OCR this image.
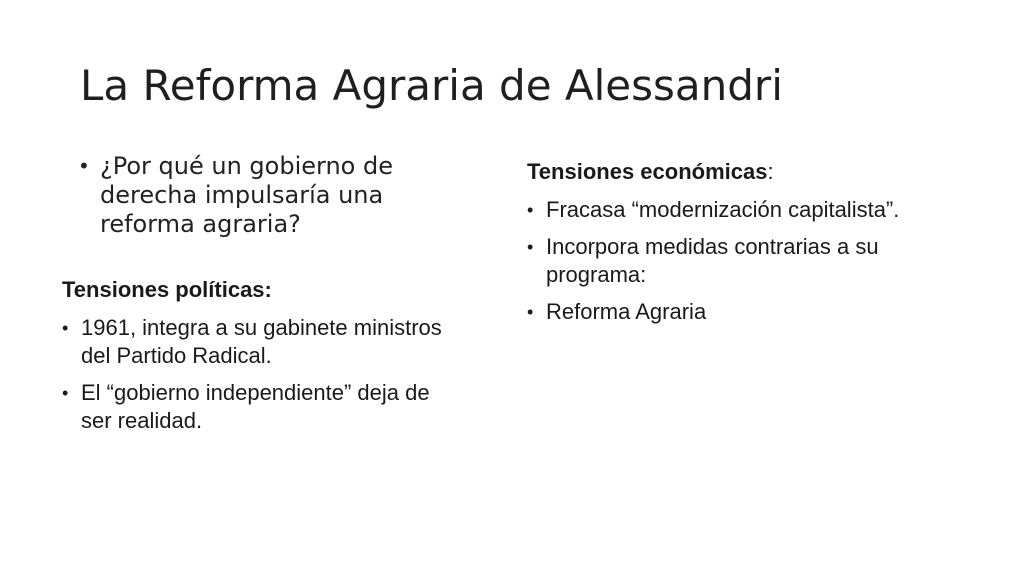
La Reforma Agraria de Alessandri
• ¿Por qué un gobierno de derecha impulsaría una reforma agraria?

Tensiones políticas:

• 1961, integra a su gabinete ministros del Partido Radical.
• El “gobierno independiente” deja de ser realidad.

Tensiones económicas:

• Fracasa “modernización capitalista”.
• Incorpora medidas contrarias a su programa:
• Reforma Agraria
